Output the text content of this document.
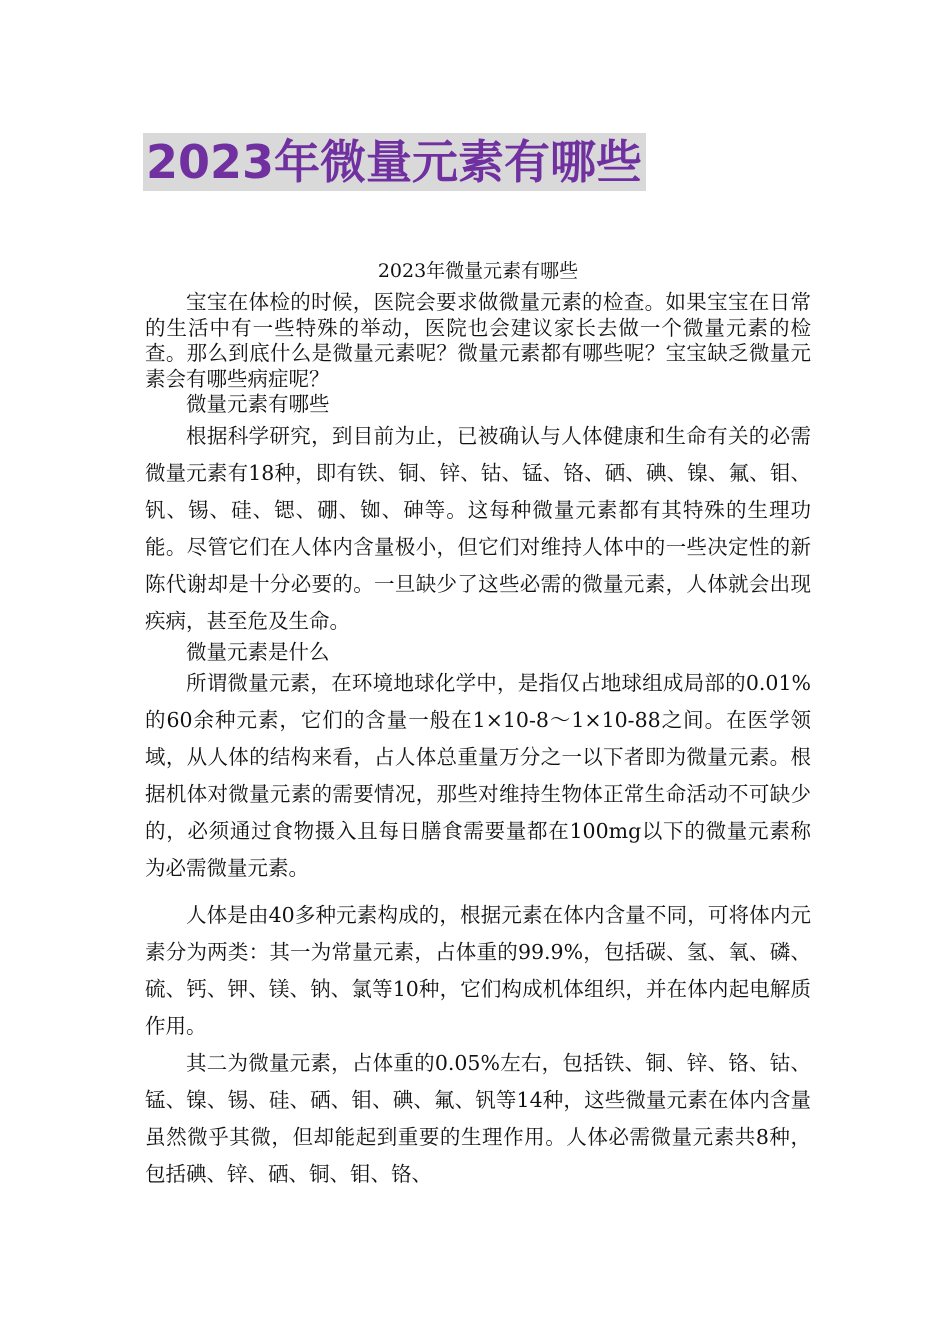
2023年微量元素有哪些
2023年微量元素有哪些

宝宝在体检的时候，医院会要求做微量元素的检查。如果宝宝在日常的生活中有一些特殊的举动，医院也会建议家长去做一个微量元素的检查。那么到底什么是微量元素呢？微量元素都有哪些呢？宝宝缺乏微量元素会有哪些病症呢？

微量元素有哪些

根据科学研究，到目前为止，已被确认与人体健康和生命有关的必需微量元素有18种，即有铁、铜、锌、钴、锰、铬、硒、碘、镍、氟、钼、钒、锡、硅、锶、硼、铷、砷等。这每种微量元素都有其特殊的生理功能。尽管它们在人体内含量极小，但它们对维持人体中的一些决定性的新陈代谢却是十分必要的。一旦缺少了这些必需的微量元素，人体就会出现疾病，甚至危及生命。

微量元素是什么

所谓微量元素，在环境地球化学中，是指仅占地球组成局部的0.01%的60余种元素，它们的含量一般在1×10-8～1×10-88之间。在医学领域，从人体的结构来看，占人体总重量万分之一以下者即为微量元素。根据机体对微量元素的需要情况，那些对维持生物体正常生命活动不可缺少的，必须通过食物摄入且每日膳食需要量都在100mg以下的微量元素称为必需微量元素。

人体是由40多种元素构成的，根据元素在体内含量不同，可将体内元素分为两类：其一为常量元素，占体重的99.9%，包括碳、氢、氧、磷、硫、钙、钾、镁、钠、氯等10种，它们构成机体组织，并在体内起电解质作用。

其二为微量元素，占体重的0.05%左右，包括铁、铜、锌、铬、钴、锰、镍、锡、硅、硒、钼、碘、氟、钒等14种，这些微量元素在体内含量虽然微乎其微，但却能起到重要的生理作用。人体必需微量元素共8种，包括碘、锌、硒、铜、钼、铬、
